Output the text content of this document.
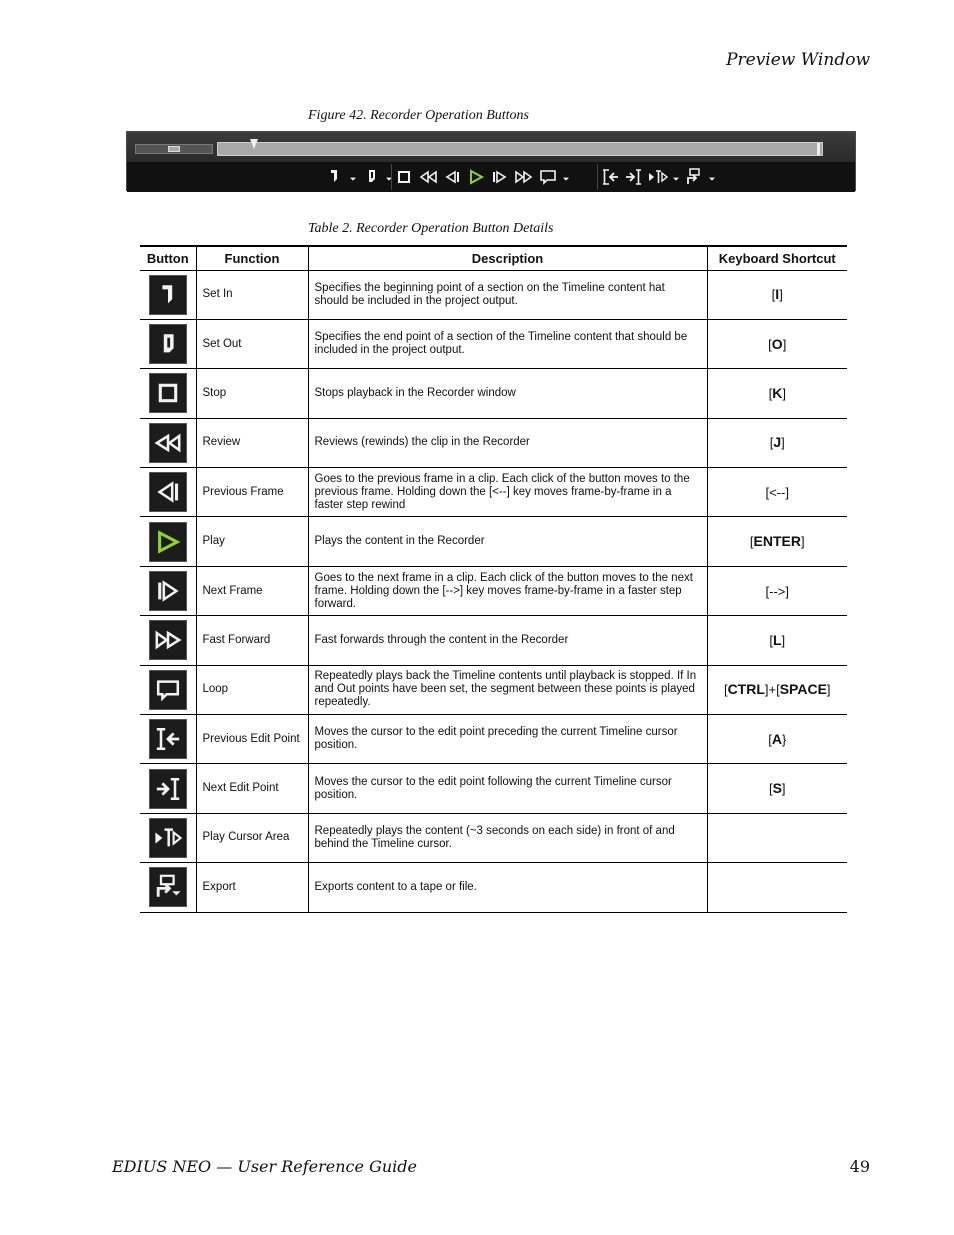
Preview Window
Figure 42. Recorder Operation Buttons
Table 2. Recorder Operation Button Details
Button	Function	Description	Keyboard Shortcut

	Set In	Specifies the beginning point of a section on the Timeline content hat should be included in the project output.	[I]

	Set Out	Specifies the end point of a section of the Timeline content that should be included in the project output.	[O]

	Stop	Stops playback in the Recorder window	[K]

	Review	Reviews (rewinds) the clip in the Recorder	[J]

	Previous Frame	Goes to the previous frame in a clip. Each click of the button moves to the previous frame. Holding down the [<--] key moves frame-by-frame in a faster step rewind	[<--]

	Play	Plays the content in the Recorder	[ENTER]

	Next Frame	Goes to the next frame in a clip. Each click of the button moves to the next frame. Holding down the [-->] key moves frame-by-frame in a faster step forward.	[-->]

	Fast Forward	Fast forwards through the content in the Recorder	[L]

	Loop	Repeatedly plays back the Timeline contents until playback is stopped. If In and Out points have been set, the segment between these points is played repeatedly.	[CTRL]+[SPACE]

	Previous Edit Point	Moves the cursor to the edit point preceding the current Timeline cursor position.	[A}

	Next Edit Point	Moves the cursor to the edit point following the current Timeline cursor position.	[S]

	Play Cursor Area	Repeatedly plays the content (~3 seconds on each side) in front of and behind the Timeline cursor.	

	Export	Exports content to a tape or file.	
EDIUS NEO — User Reference Guide	49
